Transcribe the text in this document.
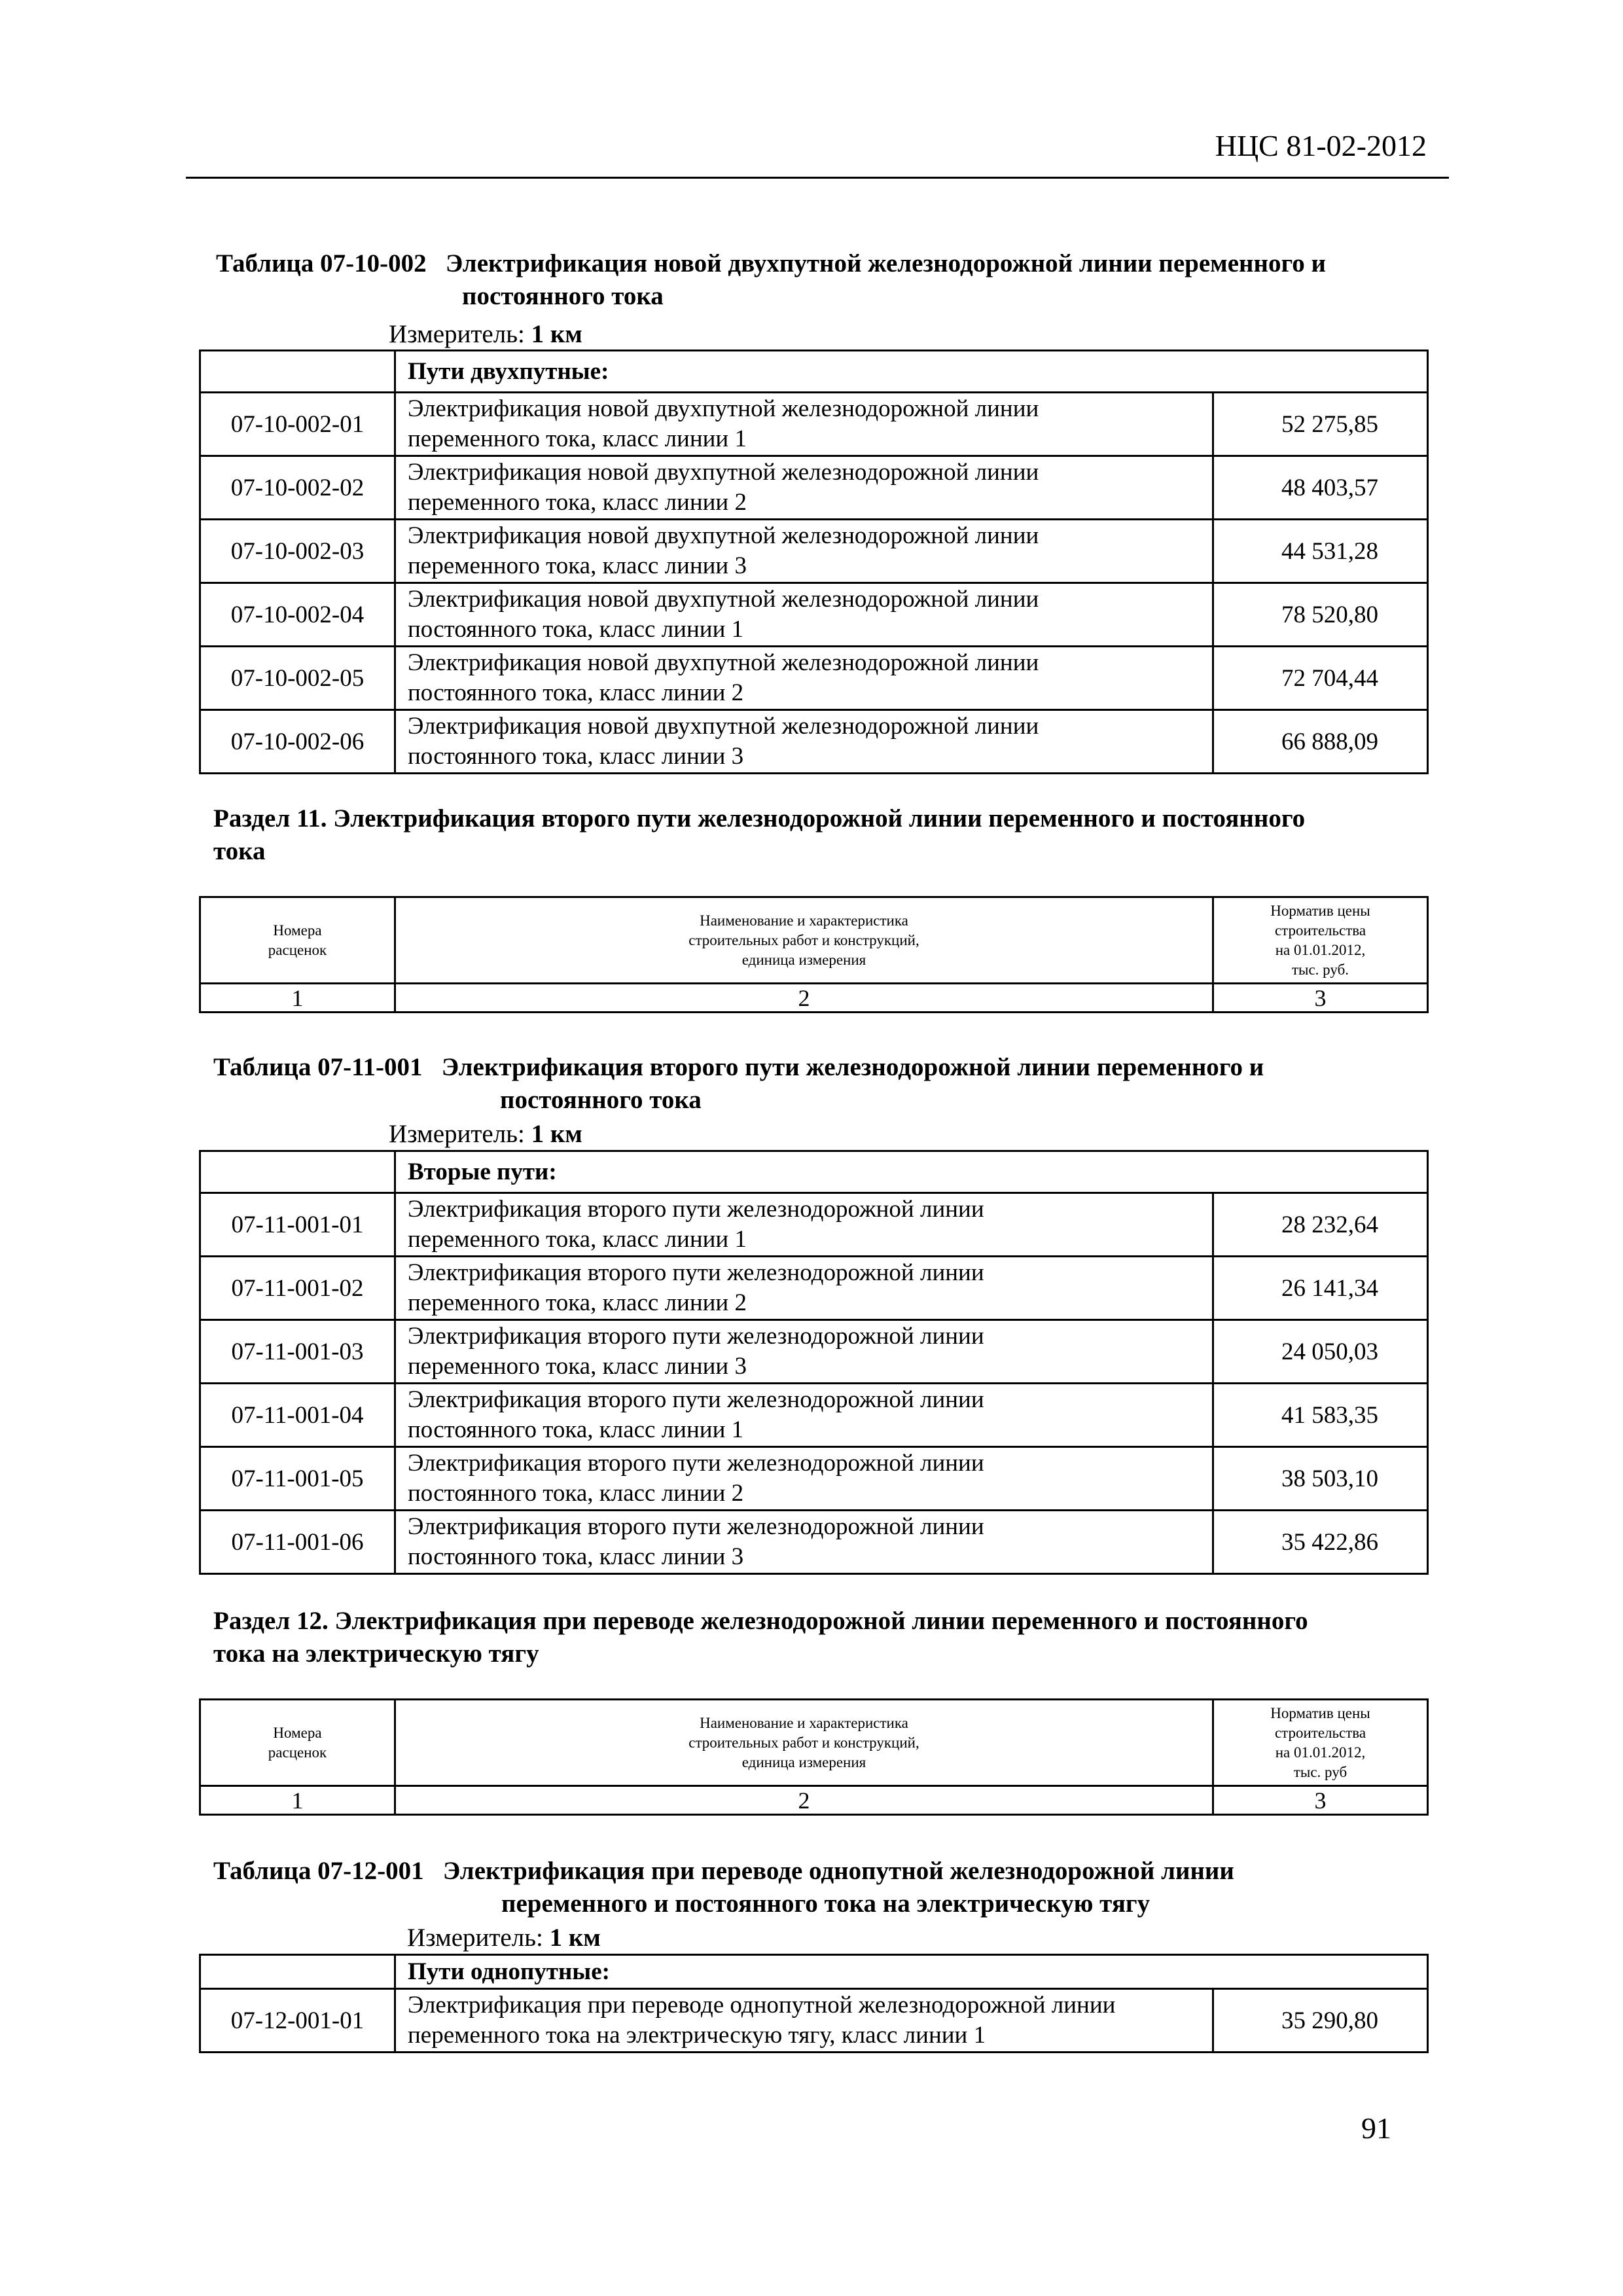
НЦС 81-02-2012
Таблица 07-10-002 Электрификация новой двухпутной железнодорожной линии переменного и
постоянного тока
Измеритель: 1 км
	Пути двухпутные:	
07-10-002-01	Электрификация новой двухпутной железнодорожной линии
переменного тока, класс линии 1	52 275,85
07-10-002-02	Электрификация новой двухпутной железнодорожной линии
переменного тока, класс линии 2	48 403,57
07-10-002-03	Электрификация новой двухпутной железнодорожной линии
переменного тока, класс линии 3	44 531,28
07-10-002-04	Электрификация новой двухпутной железнодорожной линии
постоянного тока, класс линии 1	78 520,80
07-10-002-05	Электрификация новой двухпутной железнодорожной линии
постоянного тока, класс линии 2	72 704,44
07-10-002-06	Электрификация новой двухпутной железнодорожной линии
постоянного тока, класс линии 3	66 888,09
Раздел 11. Электрификация второго пути железнодорожной линии переменного и постоянного
тока
Номера
расценок	Наименование и характеристика
строительных работ и конструкций,
единица измерения	Норматив цены
строительства
на 01.01.2012,
тыс. руб.
1	2	3
Таблица 07-11-001 Электрификация второго пути железнодорожной линии переменного и
постоянного тока
Измеритель: 1 км
	Вторые пути:	
07-11-001-01	Электрификация второго пути железнодорожной линии
переменного тока, класс линии 1	28 232,64
07-11-001-02	Электрификация второго пути железнодорожной линии
переменного тока, класс линии 2	26 141,34
07-11-001-03	Электрификация второго пути железнодорожной линии
переменного тока, класс линии 3	24 050,03
07-11-001-04	Электрификация второго пути железнодорожной линии
постоянного тока, класс линии 1	41 583,35
07-11-001-05	Электрификация второго пути железнодорожной линии
постоянного тока, класс линии 2	38 503,10
07-11-001-06	Электрификация второго пути железнодорожной линии
постоянного тока, класс линии 3	35 422,86
Раздел 12. Электрификация при переводе железнодорожной линии переменного и постоянного
тока на электрическую тягу
Номера
расценок	Наименование и характеристика
строительных работ и конструкций,
единица измерения	Норматив цены
строительства
на 01.01.2012,
тыс. руб
1	2	3
Таблица 07-12-001 Электрификация при переводе однопутной железнодорожной линии
переменного и постоянного тока на электрическую тягу
Измеритель: 1 км
	Пути однопутные:	
07-12-001-01	Электрификация при переводе однопутной железнодорожной линии
переменного тока на электрическую тягу, класс линии 1	35 290,80
91
